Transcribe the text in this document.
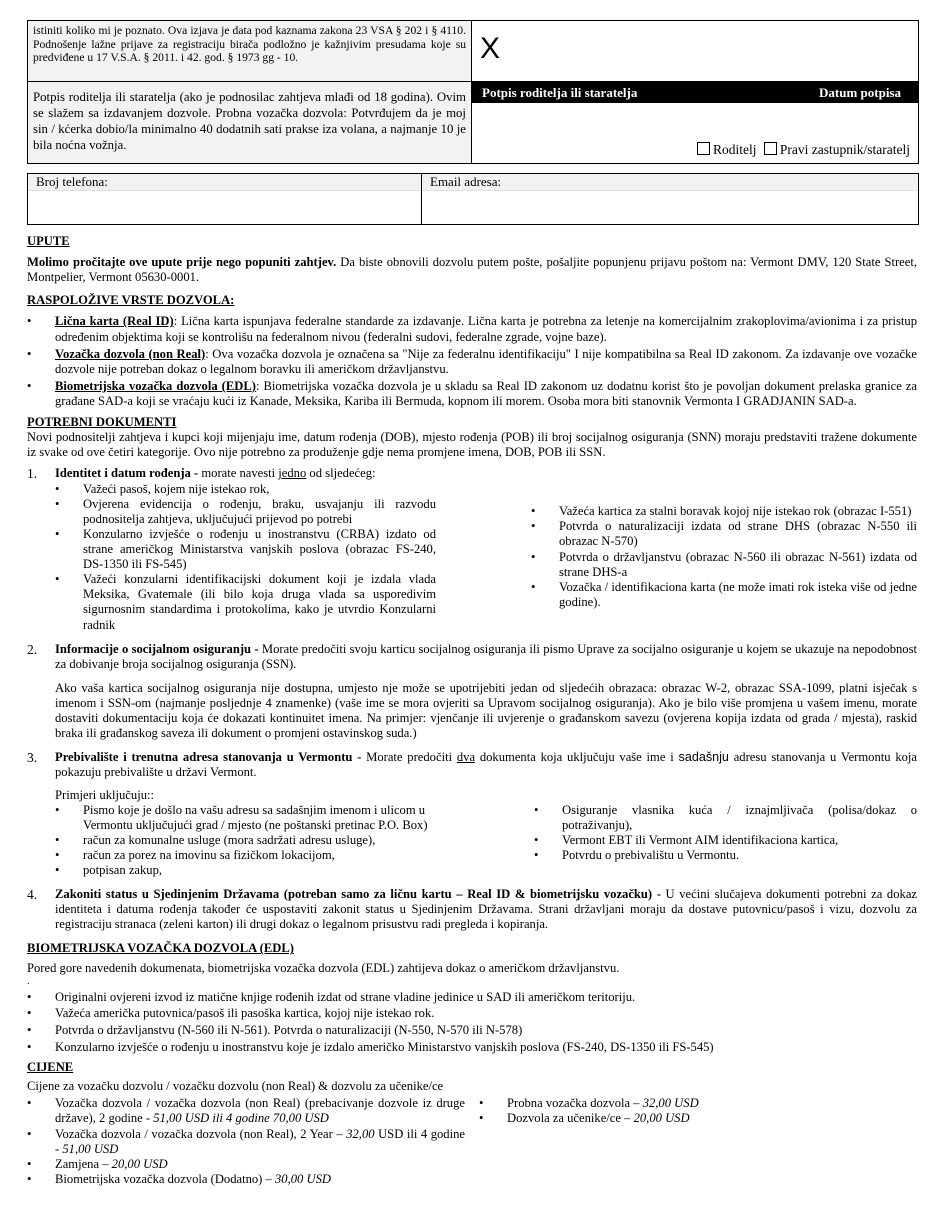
istiniti koliko mi je poznato. Ova izjava je data pod kaznama zakona 23 VSA § 202 i § 4110. Podnošenje lažne prijave za registraciju birača podložno je kažnjivim presudama koje su predviđene u 17 V.S.A. § 2011. i 42. god. § 1973 gg - 10.	X
Potpis roditelja ili staratelja (ako je podnosilac zahtjeva mlađi od 18 godina). Ovim se slažem sa izdavanjem dozvole. Probna vozačka dozvola: Potvrđujem da je moj sin / kćerka dobio/la minimalno 40 dodatnih sati prakse iza volana, a najmanje 10 je bila noćna vožnja.
Potpis roditelja ili staratelja	Datum potpisa
Roditelj Pravi zastupnik/staratelj
Broj telefona:	Email adresa:
UPUTE

Molimo pročitajte ove upute prije nego popuniti zahtjev. Da biste obnovili dozvolu putem pošte, pošaljite popunjenu prijavu poštom na: Vermont DMV, 120 State Street, Montpelier, Vermont 05630-0001.

RASPOLOŽIVE VRSTE DOZVOLA:
• Lična karta (Real ID): Lična karta ispunjava federalne standarde za izdavanje. Lična karta je potrebna za letenje na komercijalnim zrakoplovima/avionima i za pristup određenim objektima koji se kontrolišu na federalnom nivou (federalni sudovi, federalne zgrade, vojne baze).
• Vozačka dozvola (non Real): Ova vozačka dozvola je označena sa "Nije za federalnu identifikaciju" I nije kompatibilna sa Real ID zakonom. Za izdavanje ove vozačke dozvole nije potreban dokaz o legalnom boravku ili američkom državljanstvu.
• Biometrijska vozačka dozvola (EDL): Biometrijska vozačka dozvola je u skladu sa Real ID zakonom uz dodatnu korist što je povoljan dokument prelaska granice za građane SAD-a koji se vraćaju kući iz Kanade, Meksika, Kariba ili Bermuda, kopnom ili morem. Osoba mora biti stanovnik Vermonta I GRADJANIN SAD-a.
POTREBNI DOKUMENTI

Novi podnositelji zahtjeva i kupci koji mijenjaju ime, datum rođenja (DOB), mjesto rođenja (POB) ili broj socijalnog osiguranja (SNN) moraju predstaviti tražene dokumente iz svake od ove četiri kategorije. Ovo nije potrebno za produženje gdje nema promjene imena, DOB, POB ili SSN.

1. Identitet i datum rođenja - morate navesti jedno od sljedećeg:

• Važeći pasoš, kojem nije istekao rok,
• Ovjerena evidencija o rođenju, braku, usvajanju ili razvodu podnositelja zahtjeva, uključujući prijevod po potrebi
• Konzularno izvješće o rođenju u inostranstvu (CRBA) izdato od strane američkog Ministarstva vanjskih poslova (obrazac FS-240, DS-1350 ili FS-545)
• Važeći konzularni identifikacijski dokument koji je izdala vlada Meksika, Gvatemale (ili bilo koja druga vlada sa usporedivim sigurnosnim standardima i protokolima, kako je utvrdio Konzularni radnik
• Važeća kartica za stalni boravak kojoj nije istekao rok (obrazac I-551)
• Potvrda o naturalizaciji izdata od strane DHS (obrazac N-550 ili obrazac N-570)
• Potvrda o državljanstvu (obrazac N-560 ili obrazac N-561) izdata od strane DHS-a
• Vozačka / identifikaciona karta (ne može imati rok isteka više od jedne godine).
2. Informacije o socijalnom osiguranju - Morate predočiti svoju karticu socijalnog osiguranja ili pismo Uprave za socijalno osiguranje u kojem se ukazuje na nepodobnost za dobivanje broja socijalnog osiguranja (SSN).

Ako vaša kartica socijalnog osiguranja nije dostupna, umjesto nje može se upotrijebiti jedan od sljedećih obrazaca: obrazac W-2, obrazac SSA-1099, platni isječak s imenom i SSN-om (najmanje posljednje 4 znamenke) (vaše ime se mora ovjeriti sa Upravom socijalnog osiguranja). Ako je bilo više promjena u vašem imenu, morate dostaviti dokumentaciju koja će dokazati kontinuitet imena. Na primjer: vjenčanje ili uvjerenje o građanskom savezu (ovjerena kopija izdata od grada / mjesta), raskid braka ili građanskog saveza ili dokument o promjeni ostavinskog suda.)

3. Prebivalište i trenutna adresa stanovanja u Vermontu - Morate predočiti dva dokumenta koja uključuju vaše ime i sadašnju adresu stanovanja u Vermontu koja pokazuju prebivalište u državi Vermont.

Primjeri uključuju::

• Pismo koje je došlo na vašu adresu sa sadašnjim imenom i ulicom u Vermontu uključujući grad / mjesto (ne poštanski pretinac P.O. Box)
• račun za komunalne usluge (mora sadržati adresu usluge),
• račun za porez na imovinu sa fizičkom lokacijom,
• potpisan zakup,
• Osiguranje vlasnika kuća / iznajmljivača (polisa/dokaz o potraživanju),
• Vermont EBT ili Vermont AIM identifikaciona kartica,
• Potvrdu o prebivalištu u Vermontu.
4. Zakoniti status u Sjedinjenim Državama (potreban samo za ličnu kartu – Real ID & biometrijsku vozačku) - U većini slučajeva dokumenti potrebni za dokaz identiteta i datuma rođenja također će uspostaviti zakonit status u Sjedinjenim Državama. Strani državljani moraju da dostave putovnicu/pasoš i vizu, dozvolu za registraciju stranaca (zeleni karton) ili drugi dokaz o legalnom prisustvu radi pregleda i kopiranja.

BIOMETRIJSKA VOZAČKA DOZVOLA (EDL)

Pored gore navedenih dokumenata, biometrijska vozačka dozvola (EDL) zahtijeva dokaz o američkom državljanstvu.

.

• Originalni ovjereni izvod iz matične knjige rođenih izdat od strane vladine jedinice u SAD ili američkom teritoriju.
• Važeća američka putovnica/pasoš ili pasoška kartica, kojoj nije istekao rok.
• Potvrda o državljanstvu (N-560 ili N-561). Potvrda o naturalizaciji (N-550, N-570 ili N-578)
• Konzularno izvješće o rođenju u inostranstvu koje je izdalo američko Ministarstvo vanjskih poslova (FS-240, DS-1350 ili FS-545)
CIJENE

Cijene za vozačku dozvolu / vozačku dozvolu (non Real) & dozvolu za učenike/ce

• Vozačka dozvola / vozačka dozvola (non Real) (prebacivanje dozvole iz druge države), 2 godine - 51,00 USD ili 4 godine 70,00 USD
• Vozačka dozvola / vozačka dozvola (non Real), 2 Year – 32,00 USD ili 4 godine - 51,00 USD
• Zamjena – 20,00 USD
• Biometrijska vozačka dozvola (Dodatno) – 30,00 USD
• Probna vozačka dozvola – 32,00 USD
• Dozvola za učenike/ce – 20,00 USD
